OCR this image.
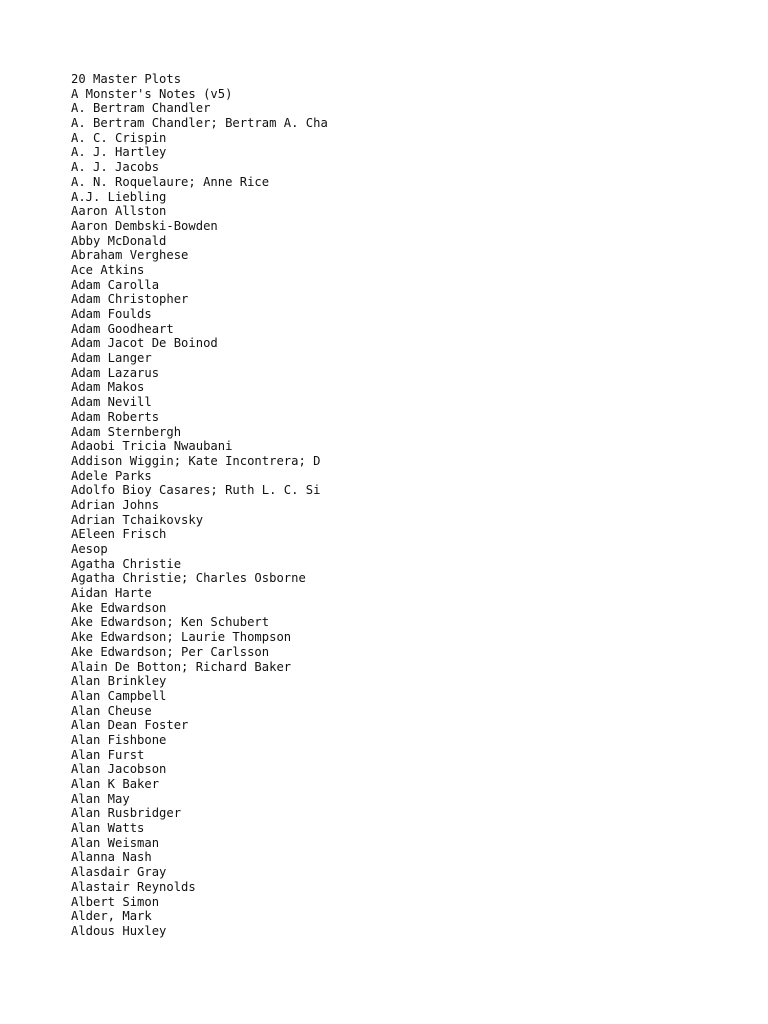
20 Master Plots
A Monster's Notes (v5)
A. Bertram Chandler
A. Bertram Chandler; Bertram A. Cha
A. C. Crispin
A. J. Hartley
A. J. Jacobs
A. N. Roquelaure; Anne Rice
A.J. Liebling
Aaron Allston
Aaron Dembski-Bowden
Abby McDonald
Abraham Verghese
Ace Atkins
Adam Carolla
Adam Christopher
Adam Foulds
Adam Goodheart
Adam Jacot De Boinod
Adam Langer
Adam Lazarus
Adam Makos
Adam Nevill
Adam Roberts
Adam Sternbergh
Adaobi Tricia Nwaubani
Addison Wiggin; Kate Incontrera; D
Adele Parks
Adolfo Bioy Casares; Ruth L. C. Si
Adrian Johns
Adrian Tchaikovsky
AEleen Frisch
Aesop
Agatha Christie
Agatha Christie; Charles Osborne
Aidan Harte
Ake Edwardson
Ake Edwardson; Ken Schubert
Ake Edwardson; Laurie Thompson
Ake Edwardson; Per Carlsson
Alain De Botton; Richard Baker
Alan Brinkley
Alan Campbell
Alan Cheuse
Alan Dean Foster
Alan Fishbone
Alan Furst
Alan Jacobson
Alan K Baker
Alan May
Alan Rusbridger
Alan Watts
Alan Weisman
Alanna Nash
Alasdair Gray
Alastair Reynolds
Albert Simon
Alder, Mark
Aldous Huxley
